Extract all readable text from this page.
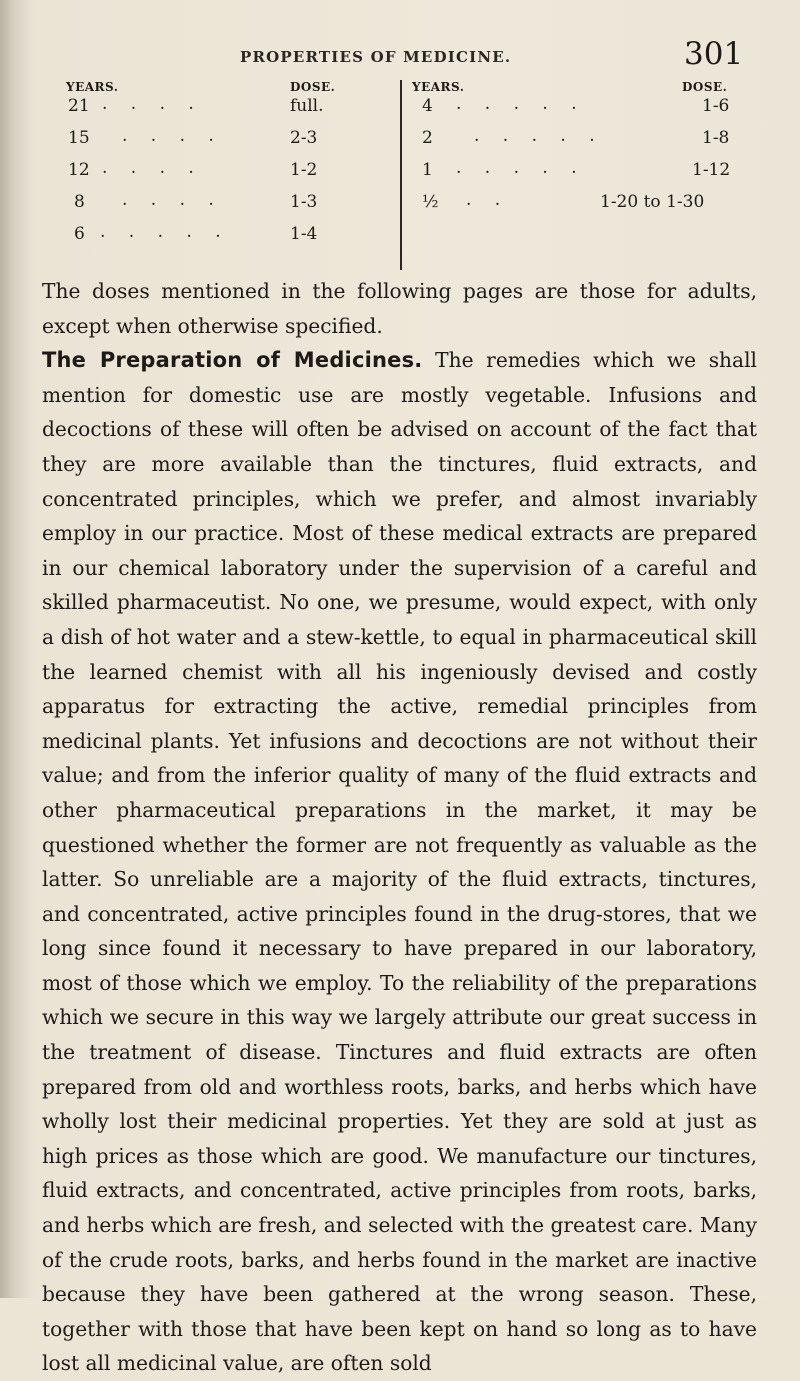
PROPERTIES OF MEDICINE.	301
YEARS.	DOSE.	YEARS.	DOSE.
21 . . . .	full.
15 . . . .	2-3
12 . . . .	1-2
8 . . . .	1-3
6 . . . . .	1-4
4 . . . . .	1-6
2 . . . . .	1-8
1 . . . . .	1-12
½ . .	1-20 to 1-30

The doses mentioned in the following pages are those for adults, except when otherwise specified.

The Preparation of Medicines. The remedies which we shall mention for domestic use are mostly vegetable. Infusions and decoctions of these will often be advised on account of the fact that they are more available than the tinctures, fluid extracts, and concentrated principles, which we prefer, and almost invariably employ in our practice. Most of these medical extracts are prepared in our chemical laboratory under the supervision of a careful and skilled pharmaceutist. No one, we presume, would expect, with only a dish of hot water and a stew-kettle, to equal in pharmaceutical skill the learned chemist with all his ingeniously devised and costly apparatus for extracting the active, remedial principles from medicinal plants. Yet infusions and decoctions are not without their value; and from the inferior quality of many of the fluid extracts and other pharmaceutical preparations in the market, it may be questioned whether the former are not frequently as valuable as the latter. So unreliable are a majority of the fluid extracts, tinctures, and concentrated, active principles found in the drug-stores, that we long since found it necessary to have prepared in our laboratory, most of those which we employ. To the reliability of the preparations which we secure in this way we largely attribute our great success in the treatment of disease. Tinctures and fluid extracts are often prepared from old and worthless roots, barks, and herbs which have wholly lost their medicinal properties. Yet they are sold at just as high prices as those which are good. We manufacture our tinctures, fluid extracts, and concentrated, active principles from roots, barks, and herbs which are fresh, and selected with the greatest care. Many of the crude roots, barks, and herbs found in the market are inactive because they have been gathered at the wrong season. These, together with those that have been kept on hand so long as to have lost all medicinal value, are often sold
